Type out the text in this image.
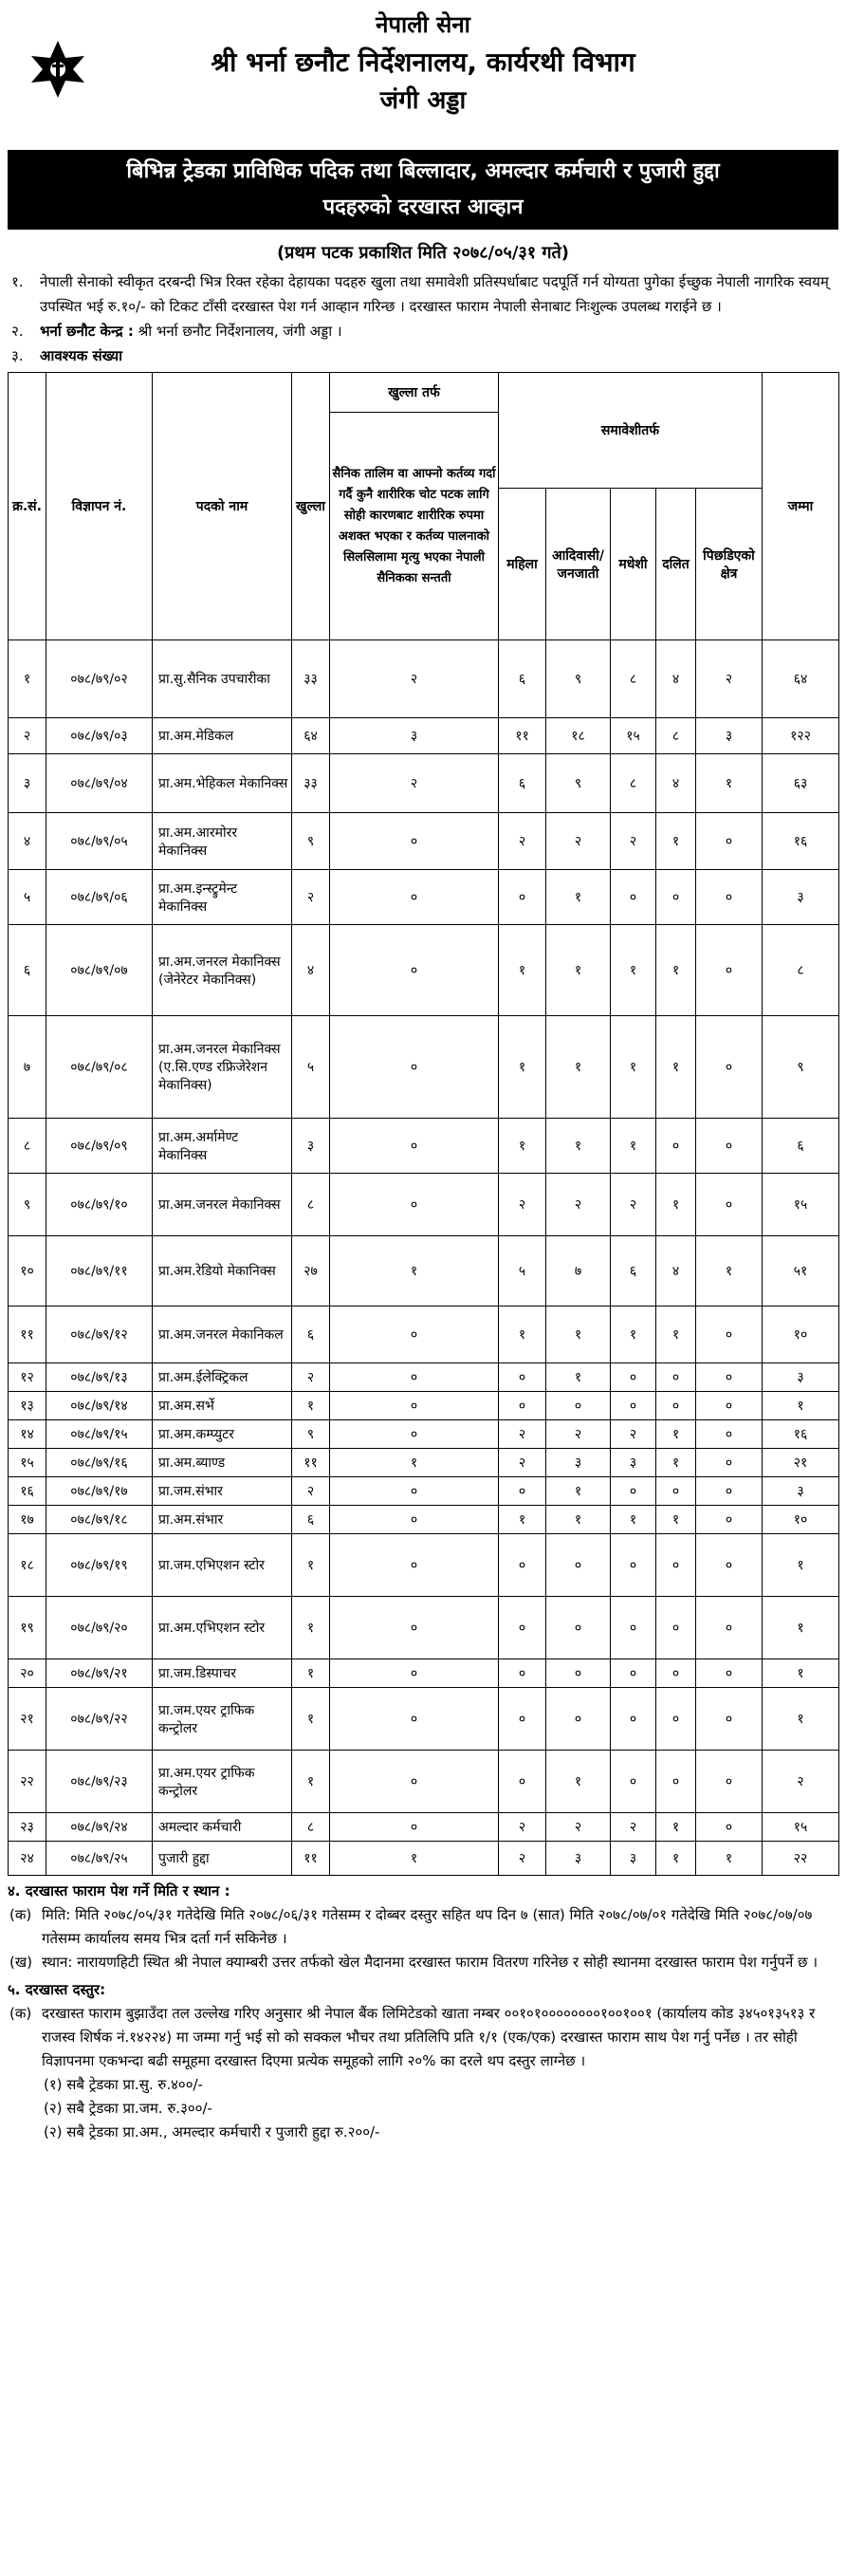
नेपाली सेना
श्री भर्ना छनौट निर्देशनालय, कार्यरथी विभाग
जंगी अड्डा
बिभिन्न ट्रेडका प्राविधिक पदिक तथा बिल्लादार, अमल्दार कर्मचारी र पुजारी हुद्दा
पदहरुको दरखास्त आव्हान
(प्रथम पटक प्रकाशित मिति २०७८/०५/३१ गते)
१.	नेपाली सेनाको स्वीकृत दरबन्दी भित्र रिक्त रहेका देहायका पदहरु खुला तथा समावेशी प्रतिस्पर्धाबाट पदपूर्ति गर्न योग्यता पुगेका ईच्छुक नेपाली नागरिक स्वयम् उपस्थित भई रु.१०/- को टिकट टाँसी दरखास्त पेश गर्न आव्हान गरिन्छ । दरखास्त फाराम नेपाली सेनाबाट निःशुल्क उपलब्ध गराईने छ ।
२.	भर्ना छनौट केन्द्र : श्री भर्ना छनौट निर्देशनालय, जंगी अड्डा ।
३.	आवश्यक संख्या
क्र.सं.	विज्ञापन नं.	पदको नाम	खुल्ला	खुल्ला तर्फ	समावेशीतर्फ					जम्मा
				सैनिक तालिम वा आफ्नो कर्तव्य गर्दा गर्दै कुनै शारीरिक चोट पटक लागि सोही कारणबाट शारीरिक रुपमा अशक्त भएका र कर्तव्य पालनाको सिलसिलामा मृत्यु भएका नेपाली सैनिकका सन्तती						
					महिला	आदिवासी/ जनजाती	मधेशी	दलित	पिछडिएको क्षेत्र	
१	०७८/७९/०२	प्रा.सु.सैनिक उपचारीका	३३	२	६	९	८	४	२	६४
२	०७८/७९/०३	प्रा.अम.मेडिकल	६४	३	११	१८	१५	८	३	१२२
३	०७८/७९/०४	प्रा.अम.भेहिकल मेकानिक्स	३३	२	६	९	८	४	१	६३
४	०७८/७९/०५	प्रा.अम.आरमोरर मेकानिक्स	९	०	२	२	२	१	०	१६
५	०७८/७९/०६	प्रा.अम.इन्स्ट्रुमेन्ट मेकानिक्स	२	०	०	१	०	०	०	३
६	०७८/७९/०७	प्रा.अम.जनरल मेकानिक्स (जेनेरेटर मेकानिक्स)	४	०	१	१	१	१	०	८
७	०७८/७९/०८	प्रा.अम.जनरल मेकानिक्स (ए.सि.एण्ड रफ्रिजेरेशन मेकानिक्स)	५	०	१	१	१	१	०	९
८	०७८/७९/०९	प्रा.अम.अर्मामेण्ट मेकानिक्स	३	०	१	१	१	०	०	६
९	०७८/७९/१०	प्रा.अम.जनरल मेकानिक्स	८	०	२	२	२	१	०	१५
१०	०७८/७९/११	प्रा.अम.रेडियो मेकानिक्स	२७	१	५	७	६	४	१	५१
११	०७८/७९/१२	प्रा.अम.जनरल मेकानिकल	६	०	१	१	१	१	०	१०
१२	०७८/७९/१३	प्रा.अम.ईलेक्ट्रिकल	२	०	०	१	०	०	०	३
१३	०७८/७९/१४	प्रा.अम.सर्भे	१	०	०	०	०	०	०	१
१४	०७८/७९/१५	प्रा.अम.कम्प्युटर	९	०	२	२	२	१	०	१६
१५	०७८/७९/१६	प्रा.अम.ब्याण्ड	११	१	२	३	३	१	०	२१
१६	०७८/७९/१७	प्रा.जम.संभार	२	०	०	१	०	०	०	३
१७	०७८/७९/१८	प्रा.अम.संभार	६	०	१	१	१	१	०	१०
१८	०७८/७९/१९	प्रा.जम.एभिएशन स्टोर	१	०	०	०	०	०	०	१
१९	०७८/७९/२०	प्रा.अम.एभिएशन स्टोर	१	०	०	०	०	०	०	१
२०	०७८/७९/२१	प्रा.जम.डिस्पाचर	१	०	०	०	०	०	०	१
२१	०७८/७९/२२	प्रा.जम.एयर ट्राफिक कन्ट्रोलर	१	०	०	०	०	०	०	१
२२	०७८/७९/२३	प्रा.अम.एयर ट्राफिक कन्ट्रोलर	१	०	०	१	०	०	०	२
२३	०७८/७९/२४	अमल्दार कर्मचारी	८	०	२	२	२	१	०	१५
२४	०७८/७९/२५	पुजारी हुद्दा	११	१	२	३	३	१	१	२२
४. दरखास्त फाराम पेश गर्ने मिति र स्थान :
(क) मिति: मिति २०७८/०५/३१ गतेदेखि मिति २०७८/०६/३१ गतेसम्म र दोब्बर दस्तुर सहित थप दिन ७ (सात) मिति २०७८/०७/०१ गतेदेखि मिति २०७८/०७/०७ गतेसम्म कार्यालय समय भित्र दर्ता गर्न सकिनेछ ।
(ख) स्थान: नारायणहिटी स्थित श्री नेपाल क्याम्बरी उत्तर तर्फको खेल मैदानमा दरखास्त फाराम वितरण गरिनेछ र सोही स्थानमा दरखास्त फाराम पेश गर्नुपर्ने छ ।
५. दरखास्त दस्तुर:
(क) दरखास्त फाराम बुझाउँदा तल उल्लेख गरिए अनुसार श्री नेपाल बैंक लिमिटेडको खाता नम्बर ००१०१००००००००१००१००१ (कार्यालय कोड ३४५०१३५१३ र राजस्व शिर्षक नं.१४२२४) मा जम्मा गर्नु भई सो को सक्कल भौचर तथा प्रतिलिपि प्रति १/१ (एक/एक) दरखास्त फाराम साथ पेश गर्नु पर्नेछ । तर सोही विज्ञापनमा एकभन्दा बढी समूहमा दरखास्त दिएमा प्रत्येक समूहको लागि २०% का दरले थप दस्तुर लाग्नेछ ।
(१) सबै ट्रेडका प्रा.सु. रु.४००/-
(२) सबै ट्रेडका प्रा.जम. रु.३००/-
(२) सबै ट्रेडका प्रा.अम., अमल्दार कर्मचारी र पुजारी हुद्दा रु.२००/-
